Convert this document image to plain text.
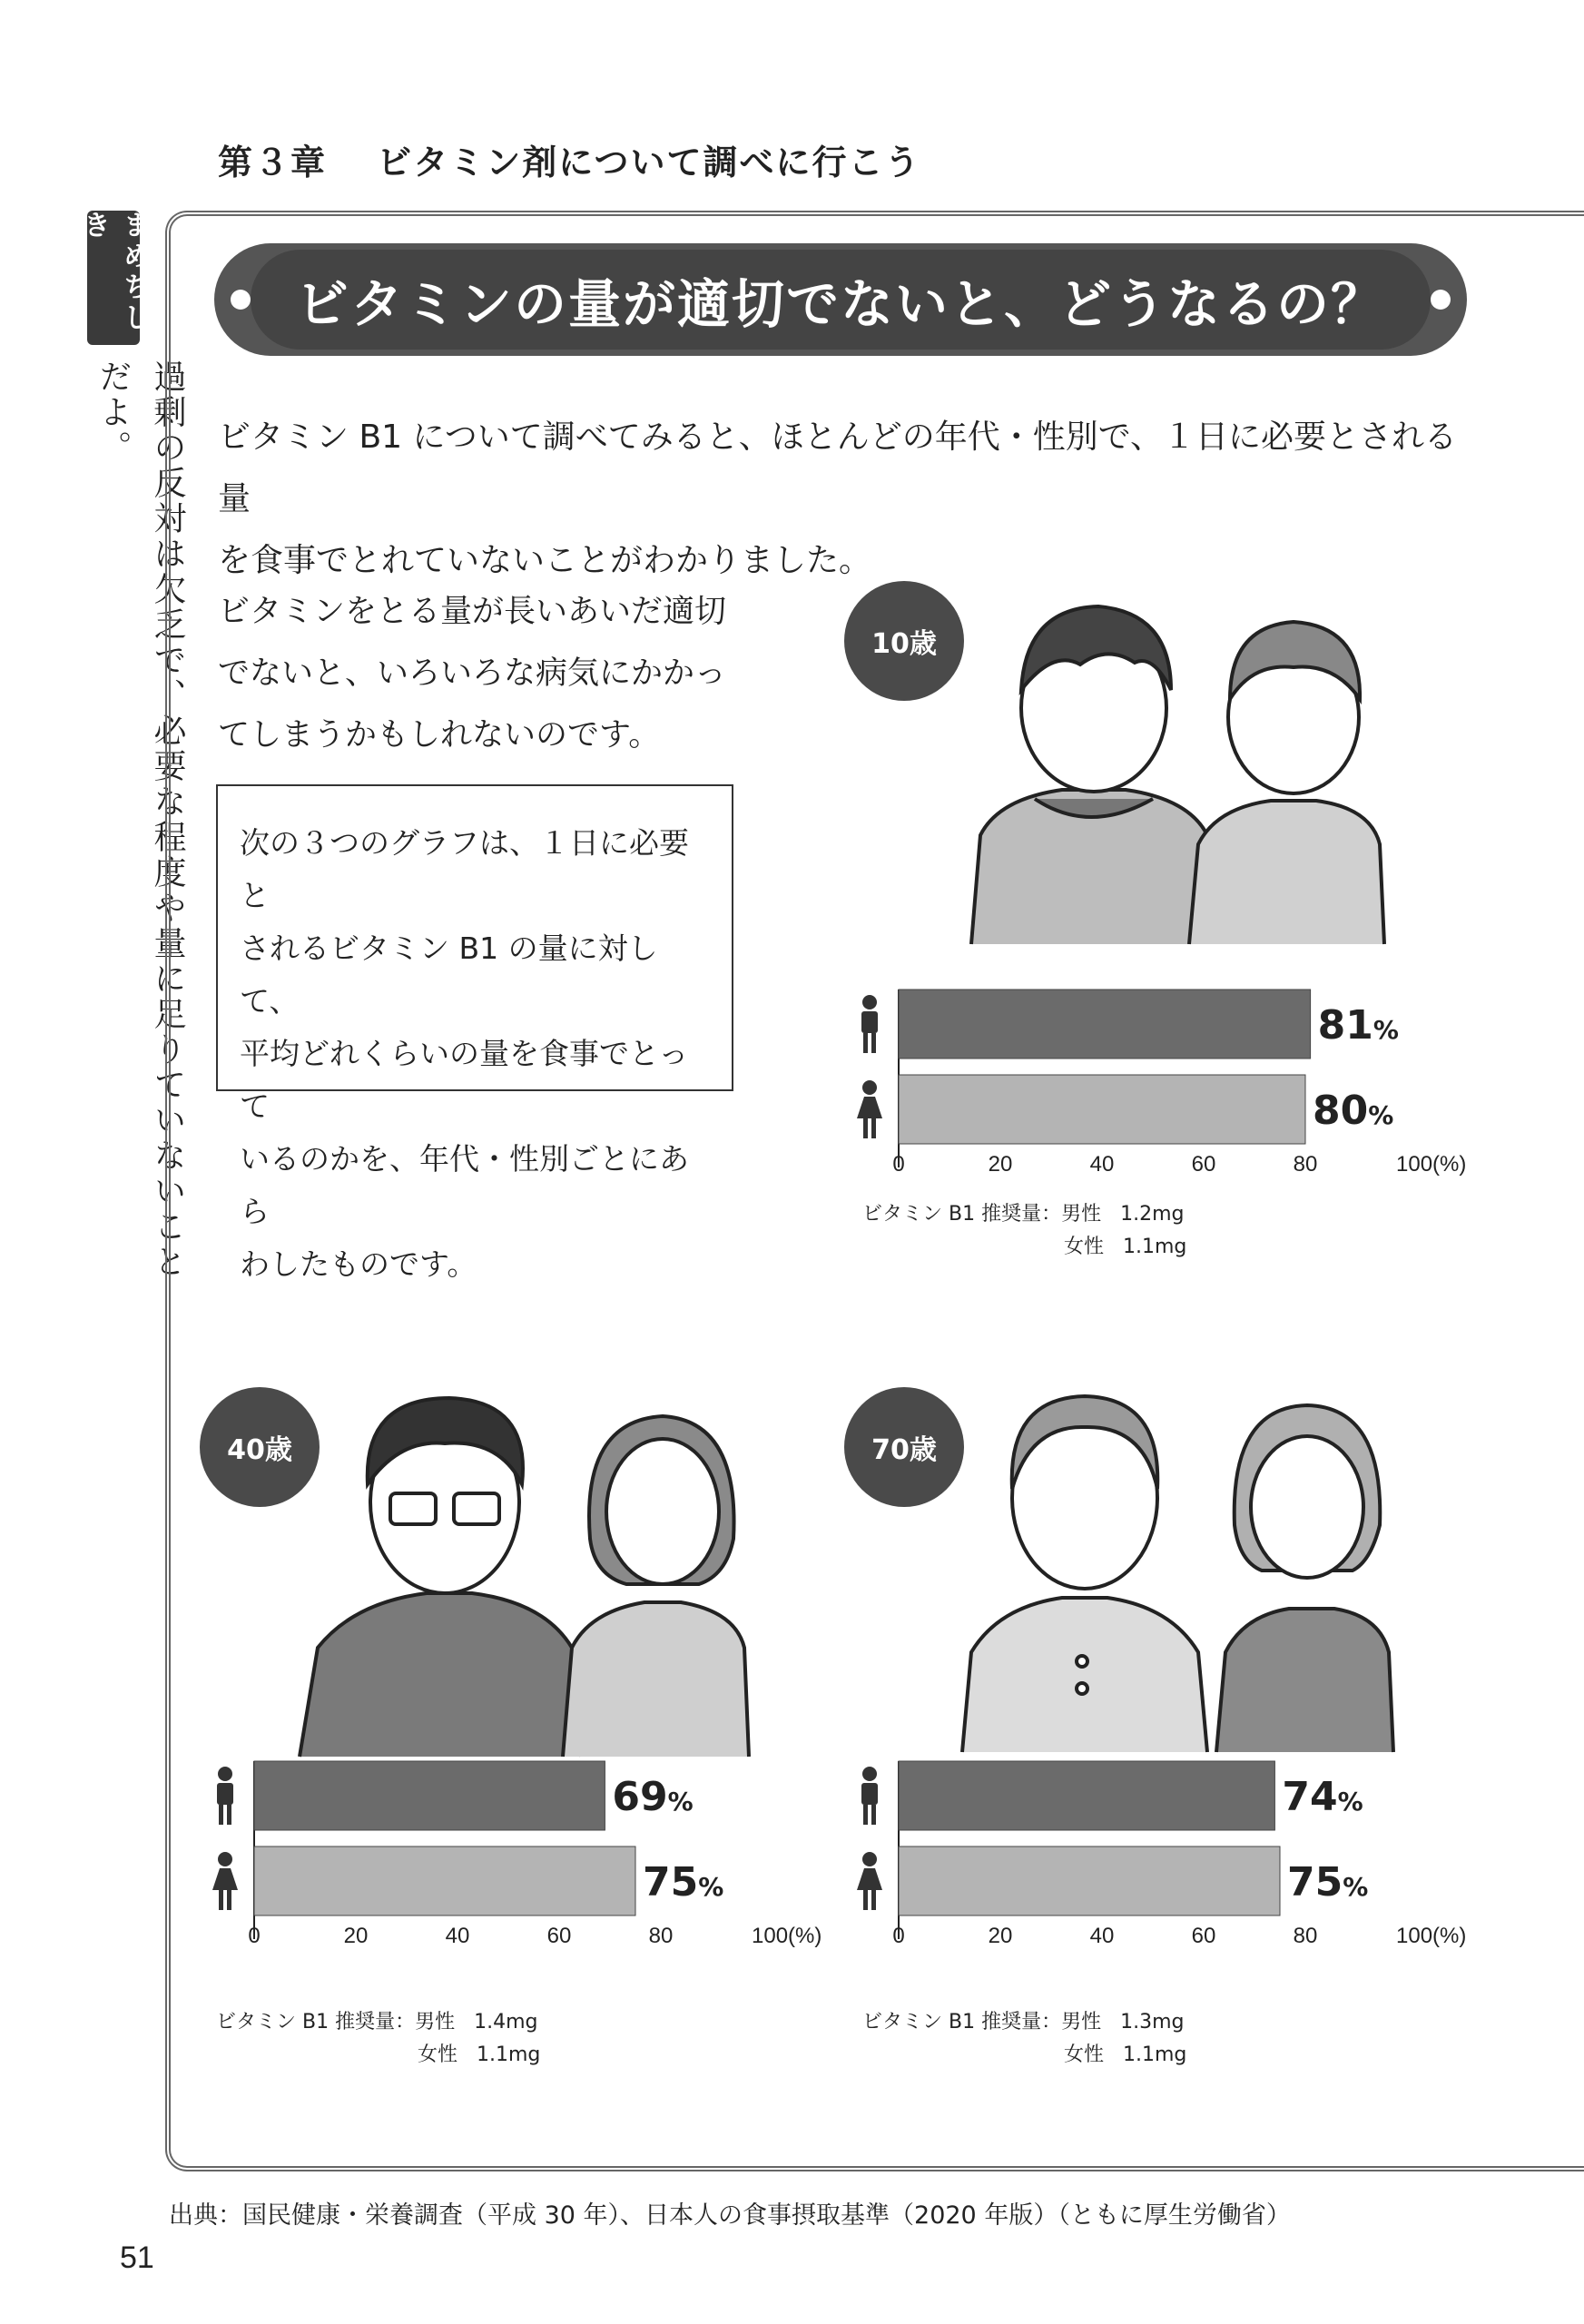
第３章 ビタミン剤について調べに行こう
まめちしき
過剰の反対は欠乏で、必要な程度や量に足りていないことだよ。
ビタミンの量が適切でないと、どうなるの？
ビタミン B1 について調べてみると、ほとんどの年代・性別で、１日に必要とされる量
を食事でとれていないことがわかりました。
ビタミンをとる量が長いあいだ適切
でないと、いろいろな病気にかかっ
てしまうかもしれないのです。
次の３つのグラフは、１日に必要と
されるビタミン B1 の量に対して、
平均どれくらいの量を食事でとって
いるのかを、年代・性別ごとにあら
わしたものです。
10歳
40歳	70歳
81%
80%
0	20	40	60	80	100(%)
69%
75%
0	20	40	60	80	100(%)
74%
75%
0	20	40	60	80	100(%)
ビタミン B1 推奨量：男性 1.2mg
女性 1.1mg
ビタミン B1 推奨量：男性 1.4mg
女性 1.1mg
ビタミン B1 推奨量：男性 1.3mg
女性 1.1mg
出典：国民健康・栄養調査（平成 30 年）、日本人の食事摂取基準（2020 年版）（ともに厚生労働省）
51
